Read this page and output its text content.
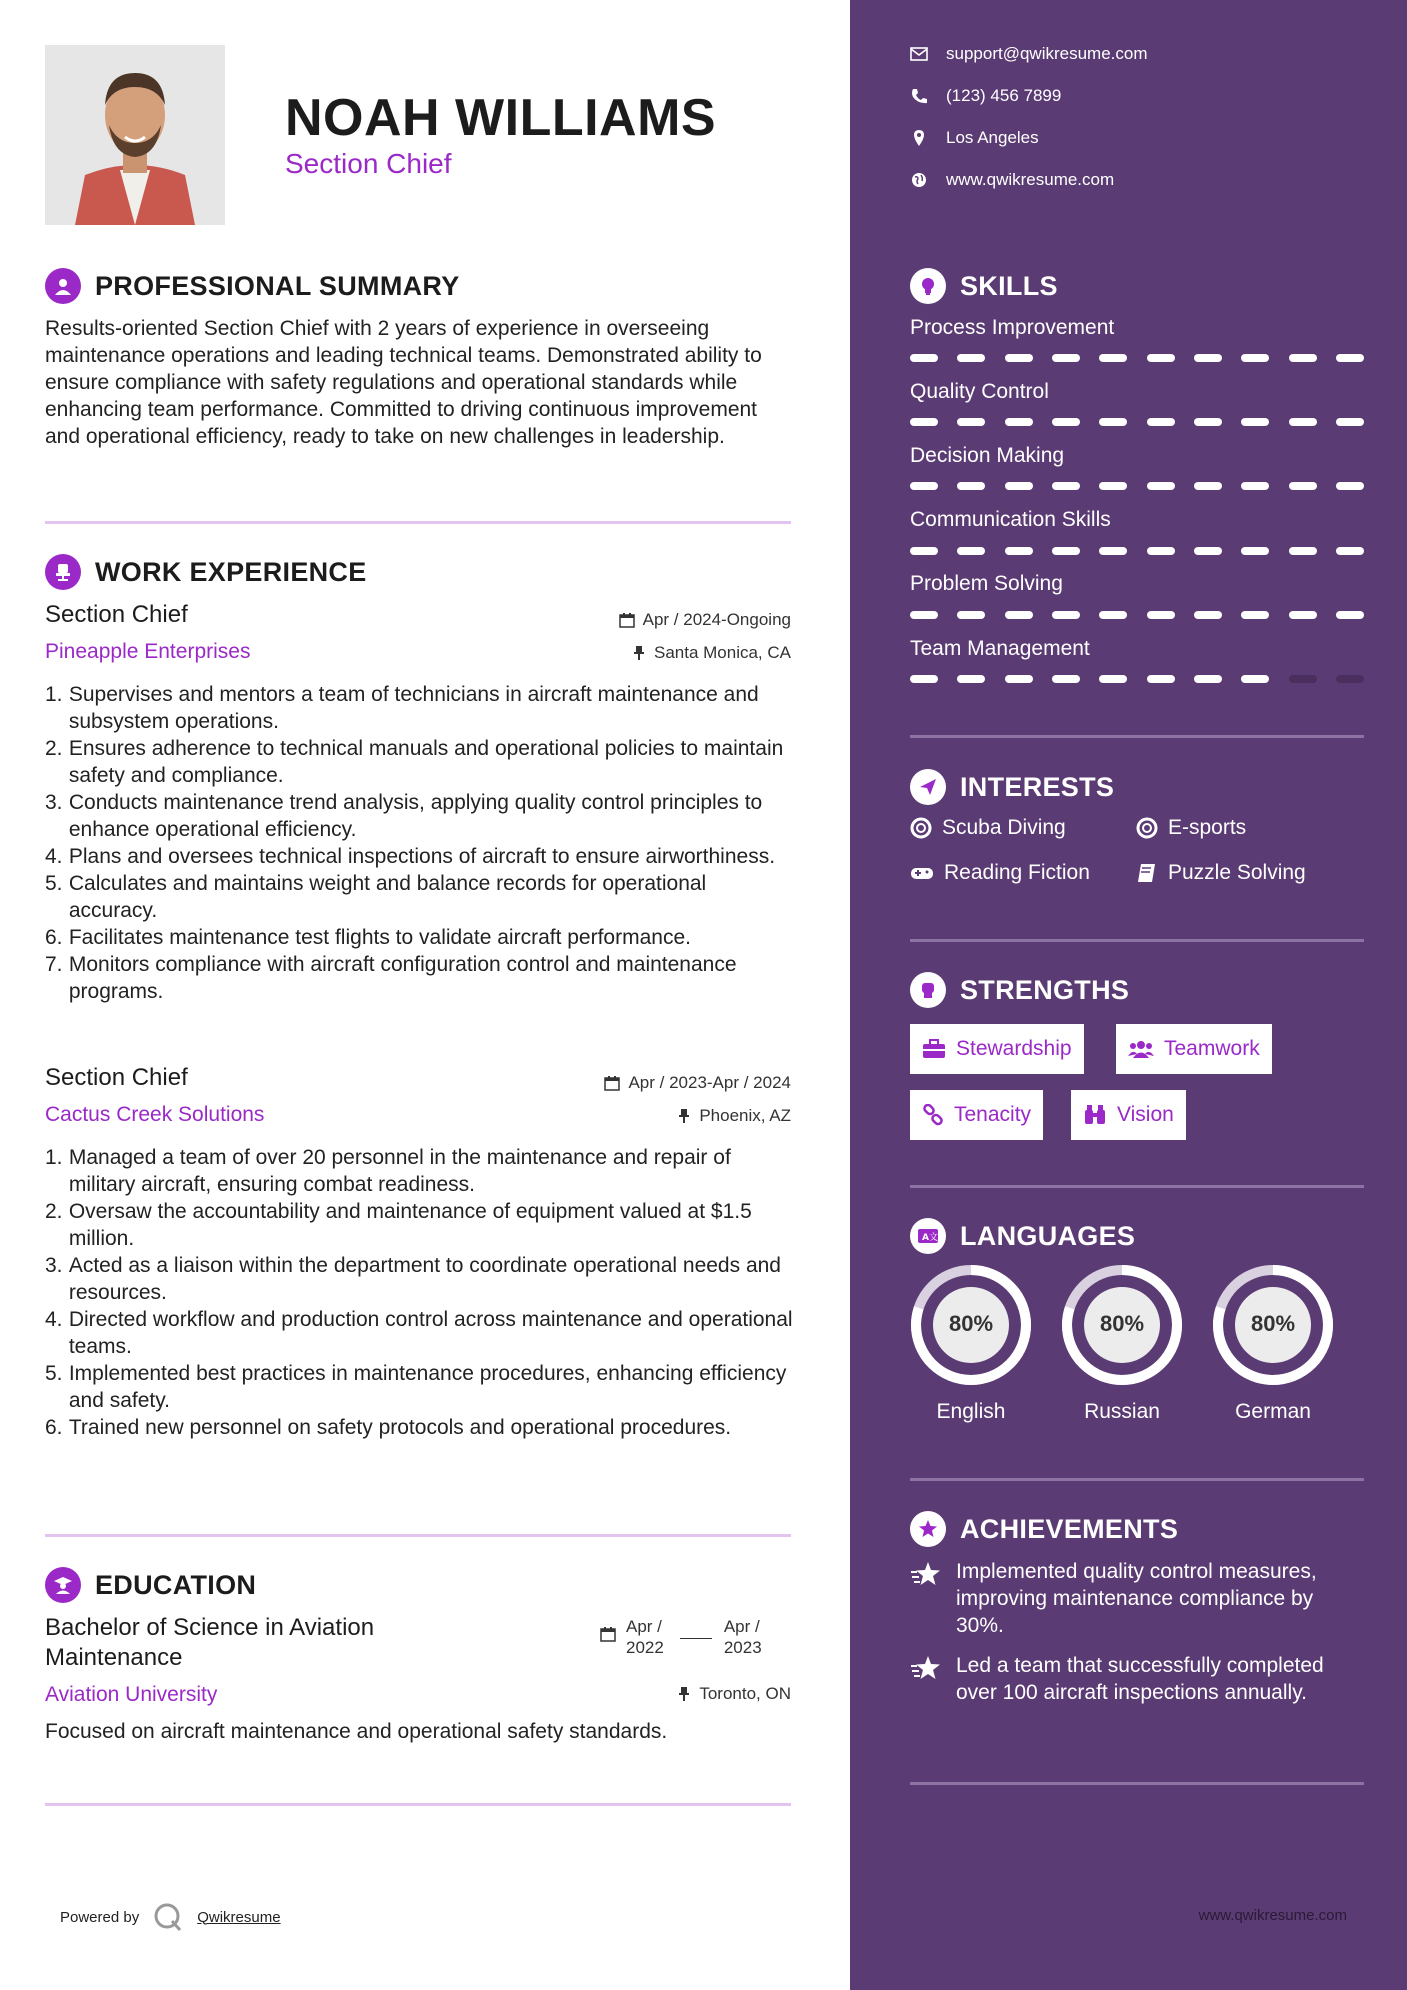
NOAH WILLIAMS
Section Chief
PROFESSIONAL SUMMARY
Results-oriented Section Chief with 2 years of experience in overseeing maintenance operations and leading technical teams. Demonstrated ability to ensure compliance with safety regulations and operational standards while enhancing team performance. Committed to driving continuous improvement and operational efficiency, ready to take on new challenges in leadership.
WORK EXPERIENCE
Section Chief	Apr / 2024-Ongoing
Pineapple Enterprises	Santa Monica, CA
1.
Supervises and mentors a team of technicians in aircraft maintenance and subsystem operations.
2.
Ensures adherence to technical manuals and operational policies to maintain safety and compliance.
3.
Conducts maintenance trend analysis, applying quality control principles to enhance operational efficiency.
4.
Plans and oversees technical inspections of aircraft to ensure airworthiness.
5.
Calculates and maintains weight and balance records for operational accuracy.
6.
Facilitates maintenance test flights to validate aircraft performance.
7.
Monitors compliance with aircraft configuration control and maintenance programs.
Section Chief	Apr / 2023-Apr / 2024
Cactus Creek Solutions	Phoenix, AZ
1.
Managed a team of over 20 personnel in the maintenance and repair of military aircraft, ensuring combat readiness.
2.
Oversaw the accountability and maintenance of equipment valued at $1.5 million.
3.
Acted as a liaison within the department to coordinate operational needs and resources.
4.
Directed workflow and production control across maintenance and operational teams.
5.
Implemented best practices in maintenance procedures, enhancing efficiency and safety.
6.
Trained new personnel on safety protocols and operational procedures.
EDUCATION
Bachelor of Science in Aviation Maintenance
Apr /
2022
Apr /
2023
Aviation University	Toronto, ON
Focused on aircraft maintenance and operational safety standards.
Powered by	Qwikresume
support@qwikresume.com
(123) 456 7899
Los Angeles
www.qwikresume.com
SKILLS
Process Improvement
Quality Control
Decision Making
Communication Skills
Problem Solving
Team Management
INTERESTS
Scuba Diving	E-sports
Reading Fiction	Puzzle Solving
STRENGTHS
Stewardship	Teamwork
Tenacity	Vision
A 文 LANGUAGES
80%	80%	80%
English	Russian	German
ACHIEVEMENTS
Implemented quality control measures, improving maintenance compliance by 30%.
Led a team that successfully completed over 100 aircraft inspections annually.
www.qwikresume.com
